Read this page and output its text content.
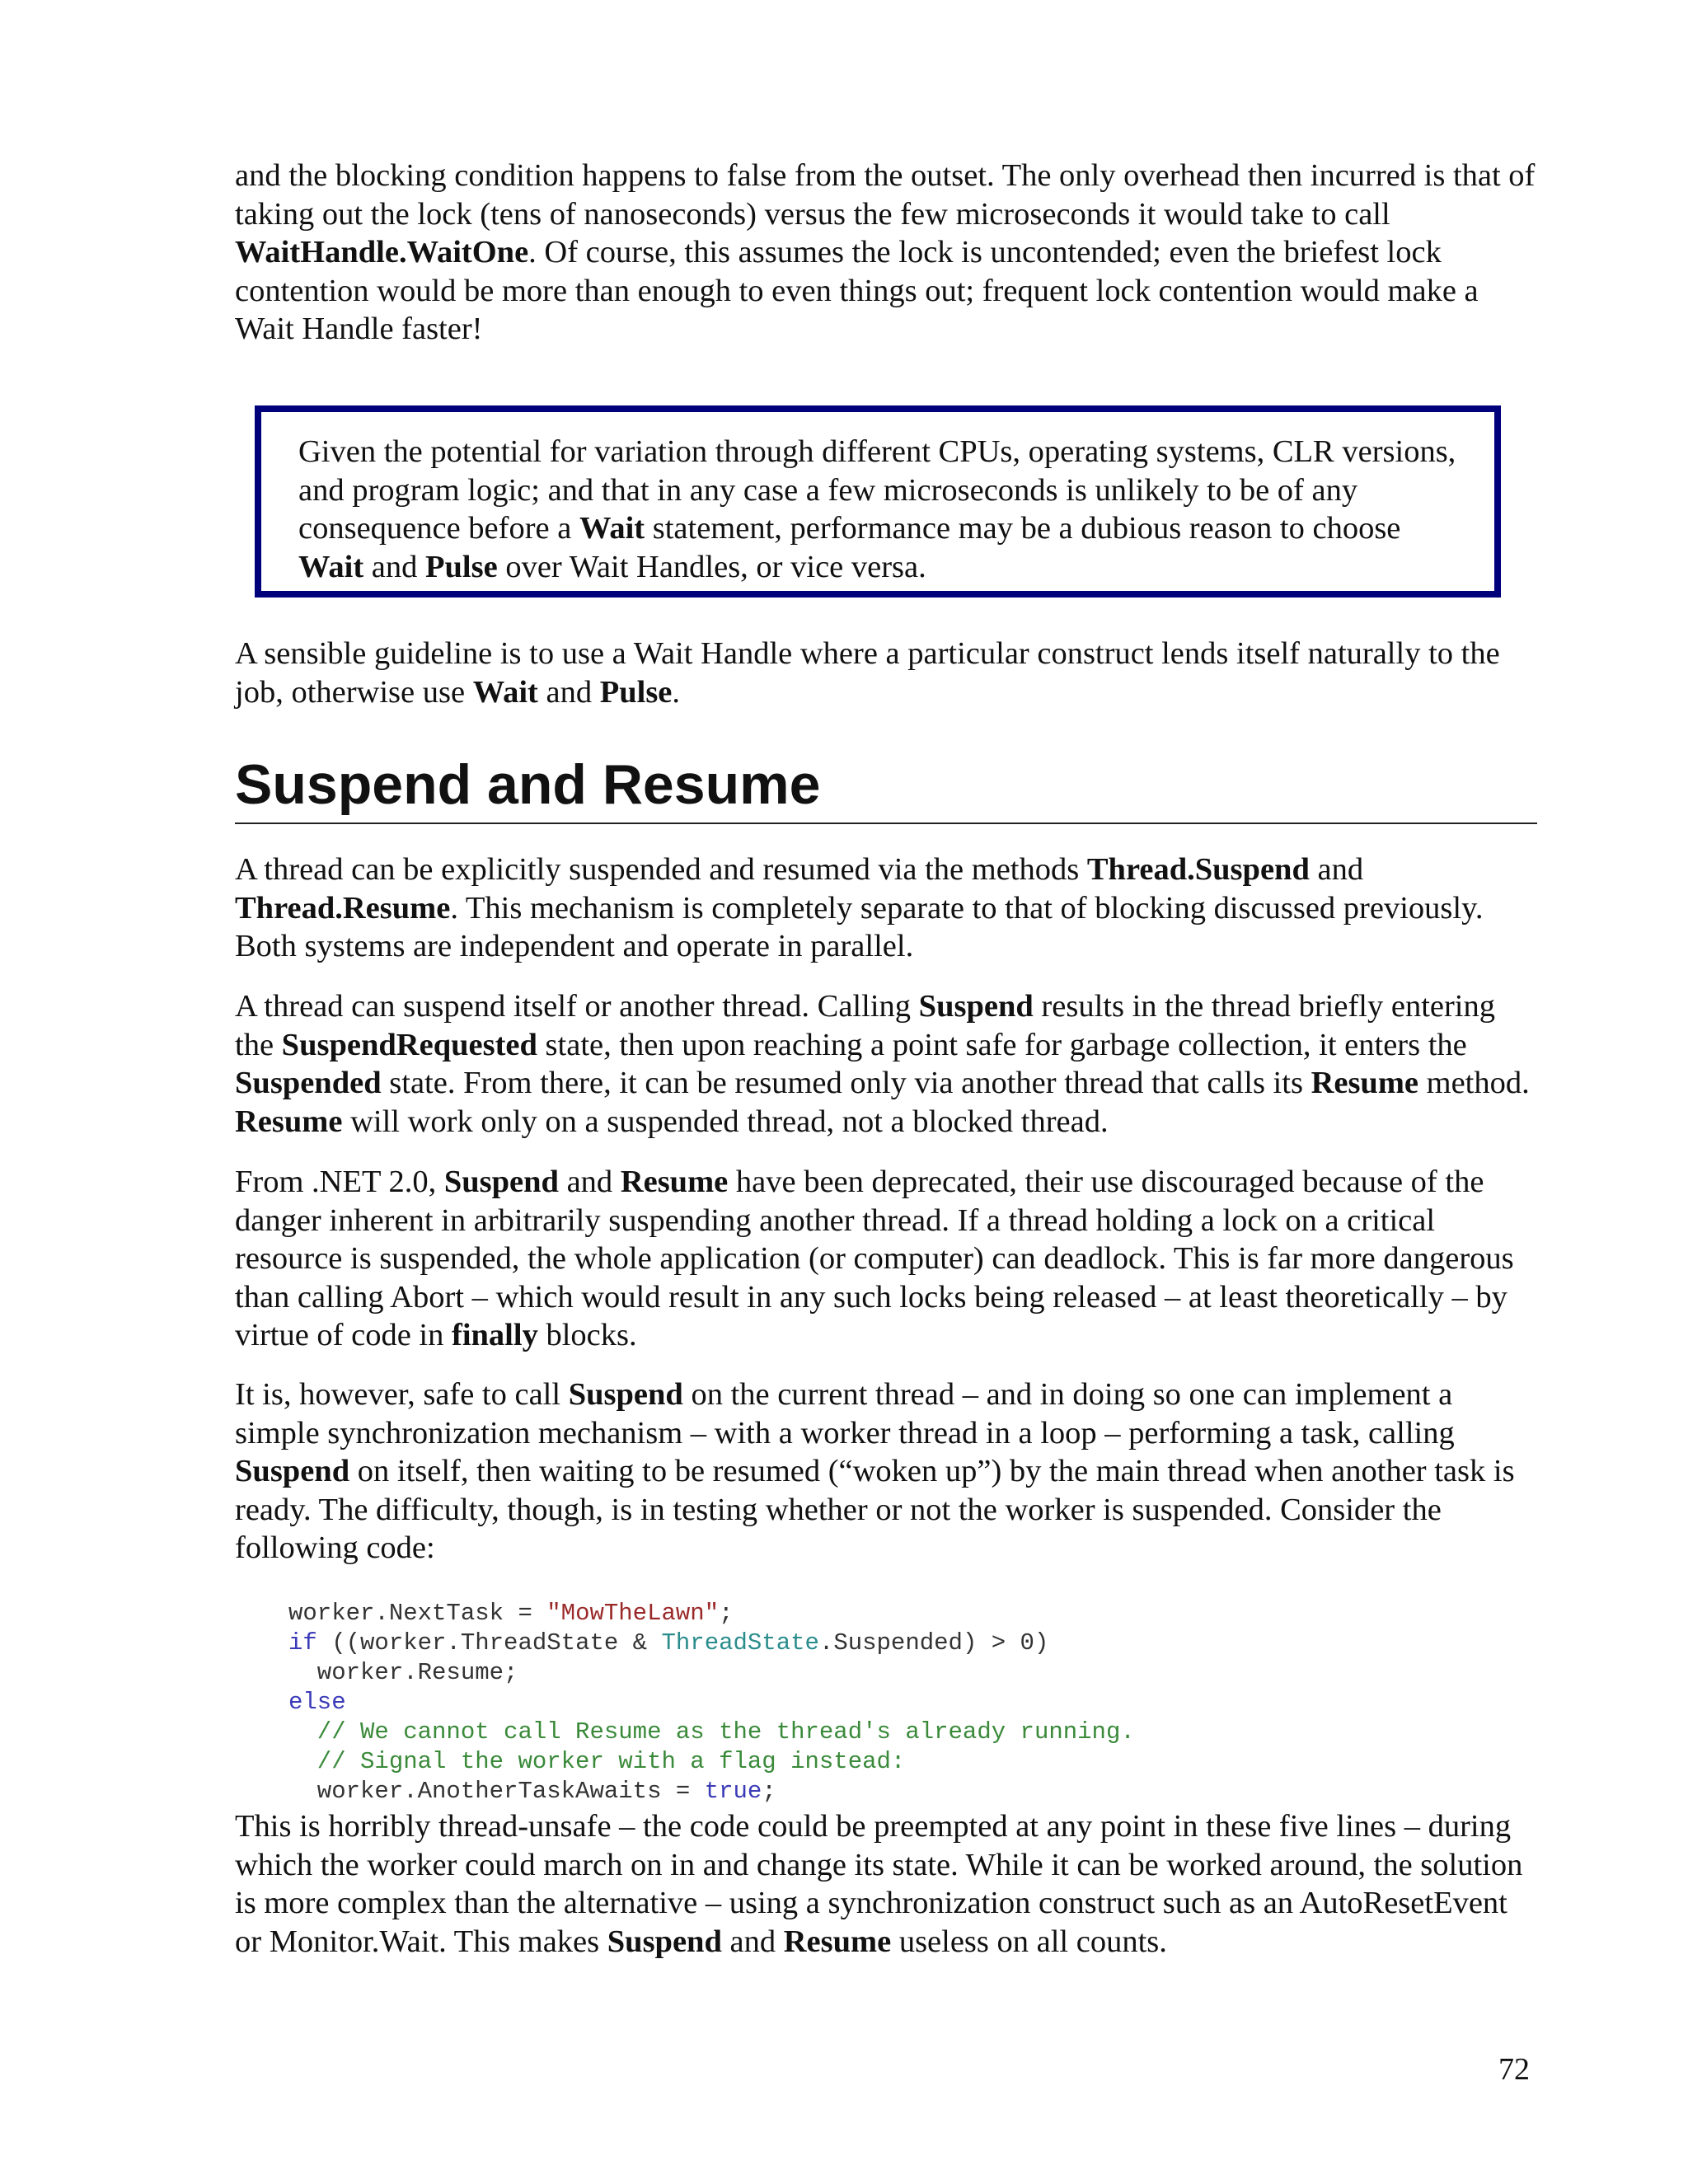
and the blocking condition happens to false from the outset. The only overhead then incurred is that of taking out the lock (tens of nanoseconds) versus the few microseconds it would take to call WaitHandle.WaitOne. Of course, this assumes the lock is uncontended; even the briefest lock contention would be more than enough to even things out; frequent lock contention would make a Wait Handle faster!

Given the potential for variation through different CPUs, operating systems, CLR versions, and program logic; and that in any case a few microseconds is unlikely to be of any consequence before a Wait statement, performance may be a dubious reason to choose Wait and Pulse over Wait Handles, or vice versa.

A sensible guideline is to use a Wait Handle where a particular construct lends itself naturally to the job, otherwise use Wait and Pulse.

Suspend and Resume

A thread can be explicitly suspended and resumed via the methods Thread.Suspend and Thread.Resume. This mechanism is completely separate to that of blocking discussed previously. Both systems are independent and operate in parallel.

A thread can suspend itself or another thread. Calling Suspend results in the thread briefly entering the SuspendRequested state, then upon reaching a point safe for garbage collection, it enters the Suspended state. From there, it can be resumed only via another thread that calls its Resume method. Resume will work only on a suspended thread, not a blocked thread.

From .NET 2.0, Suspend and Resume have been deprecated, their use discouraged because of the danger inherent in arbitrarily suspending another thread. If a thread holding a lock on a critical resource is suspended, the whole application (or computer) can deadlock. This is far more dangerous than calling Abort – which would result in any such locks being released – at least theoretically – by virtue of code in finally blocks.

It is, however, safe to call Suspend on the current thread – and in doing so one can implement a simple synchronization mechanism – with a worker thread in a loop – performing a task, calling Suspend on itself, then waiting to be resumed (“woken up”) by the main thread when another task is ready. The difficulty, though, is in testing whether or not the worker is suspended. Consider the following code:

worker.NextTask = "MowTheLawn";
if ((worker.ThreadState & ThreadState.Suspended) > 0)
worker.Resume;
else
// We cannot call Resume as the thread's already running.
// Signal the worker with a flag instead:
worker.AnotherTaskAwaits = true;

This is horribly thread-unsafe – the code could be preempted at any point in these five lines – during which the worker could march on in and change its state. While it can be worked around, the solution is more complex than the alternative – using a synchronization construct such as an AutoResetEvent or Monitor.Wait. This makes Suspend and Resume useless on all counts.

72
